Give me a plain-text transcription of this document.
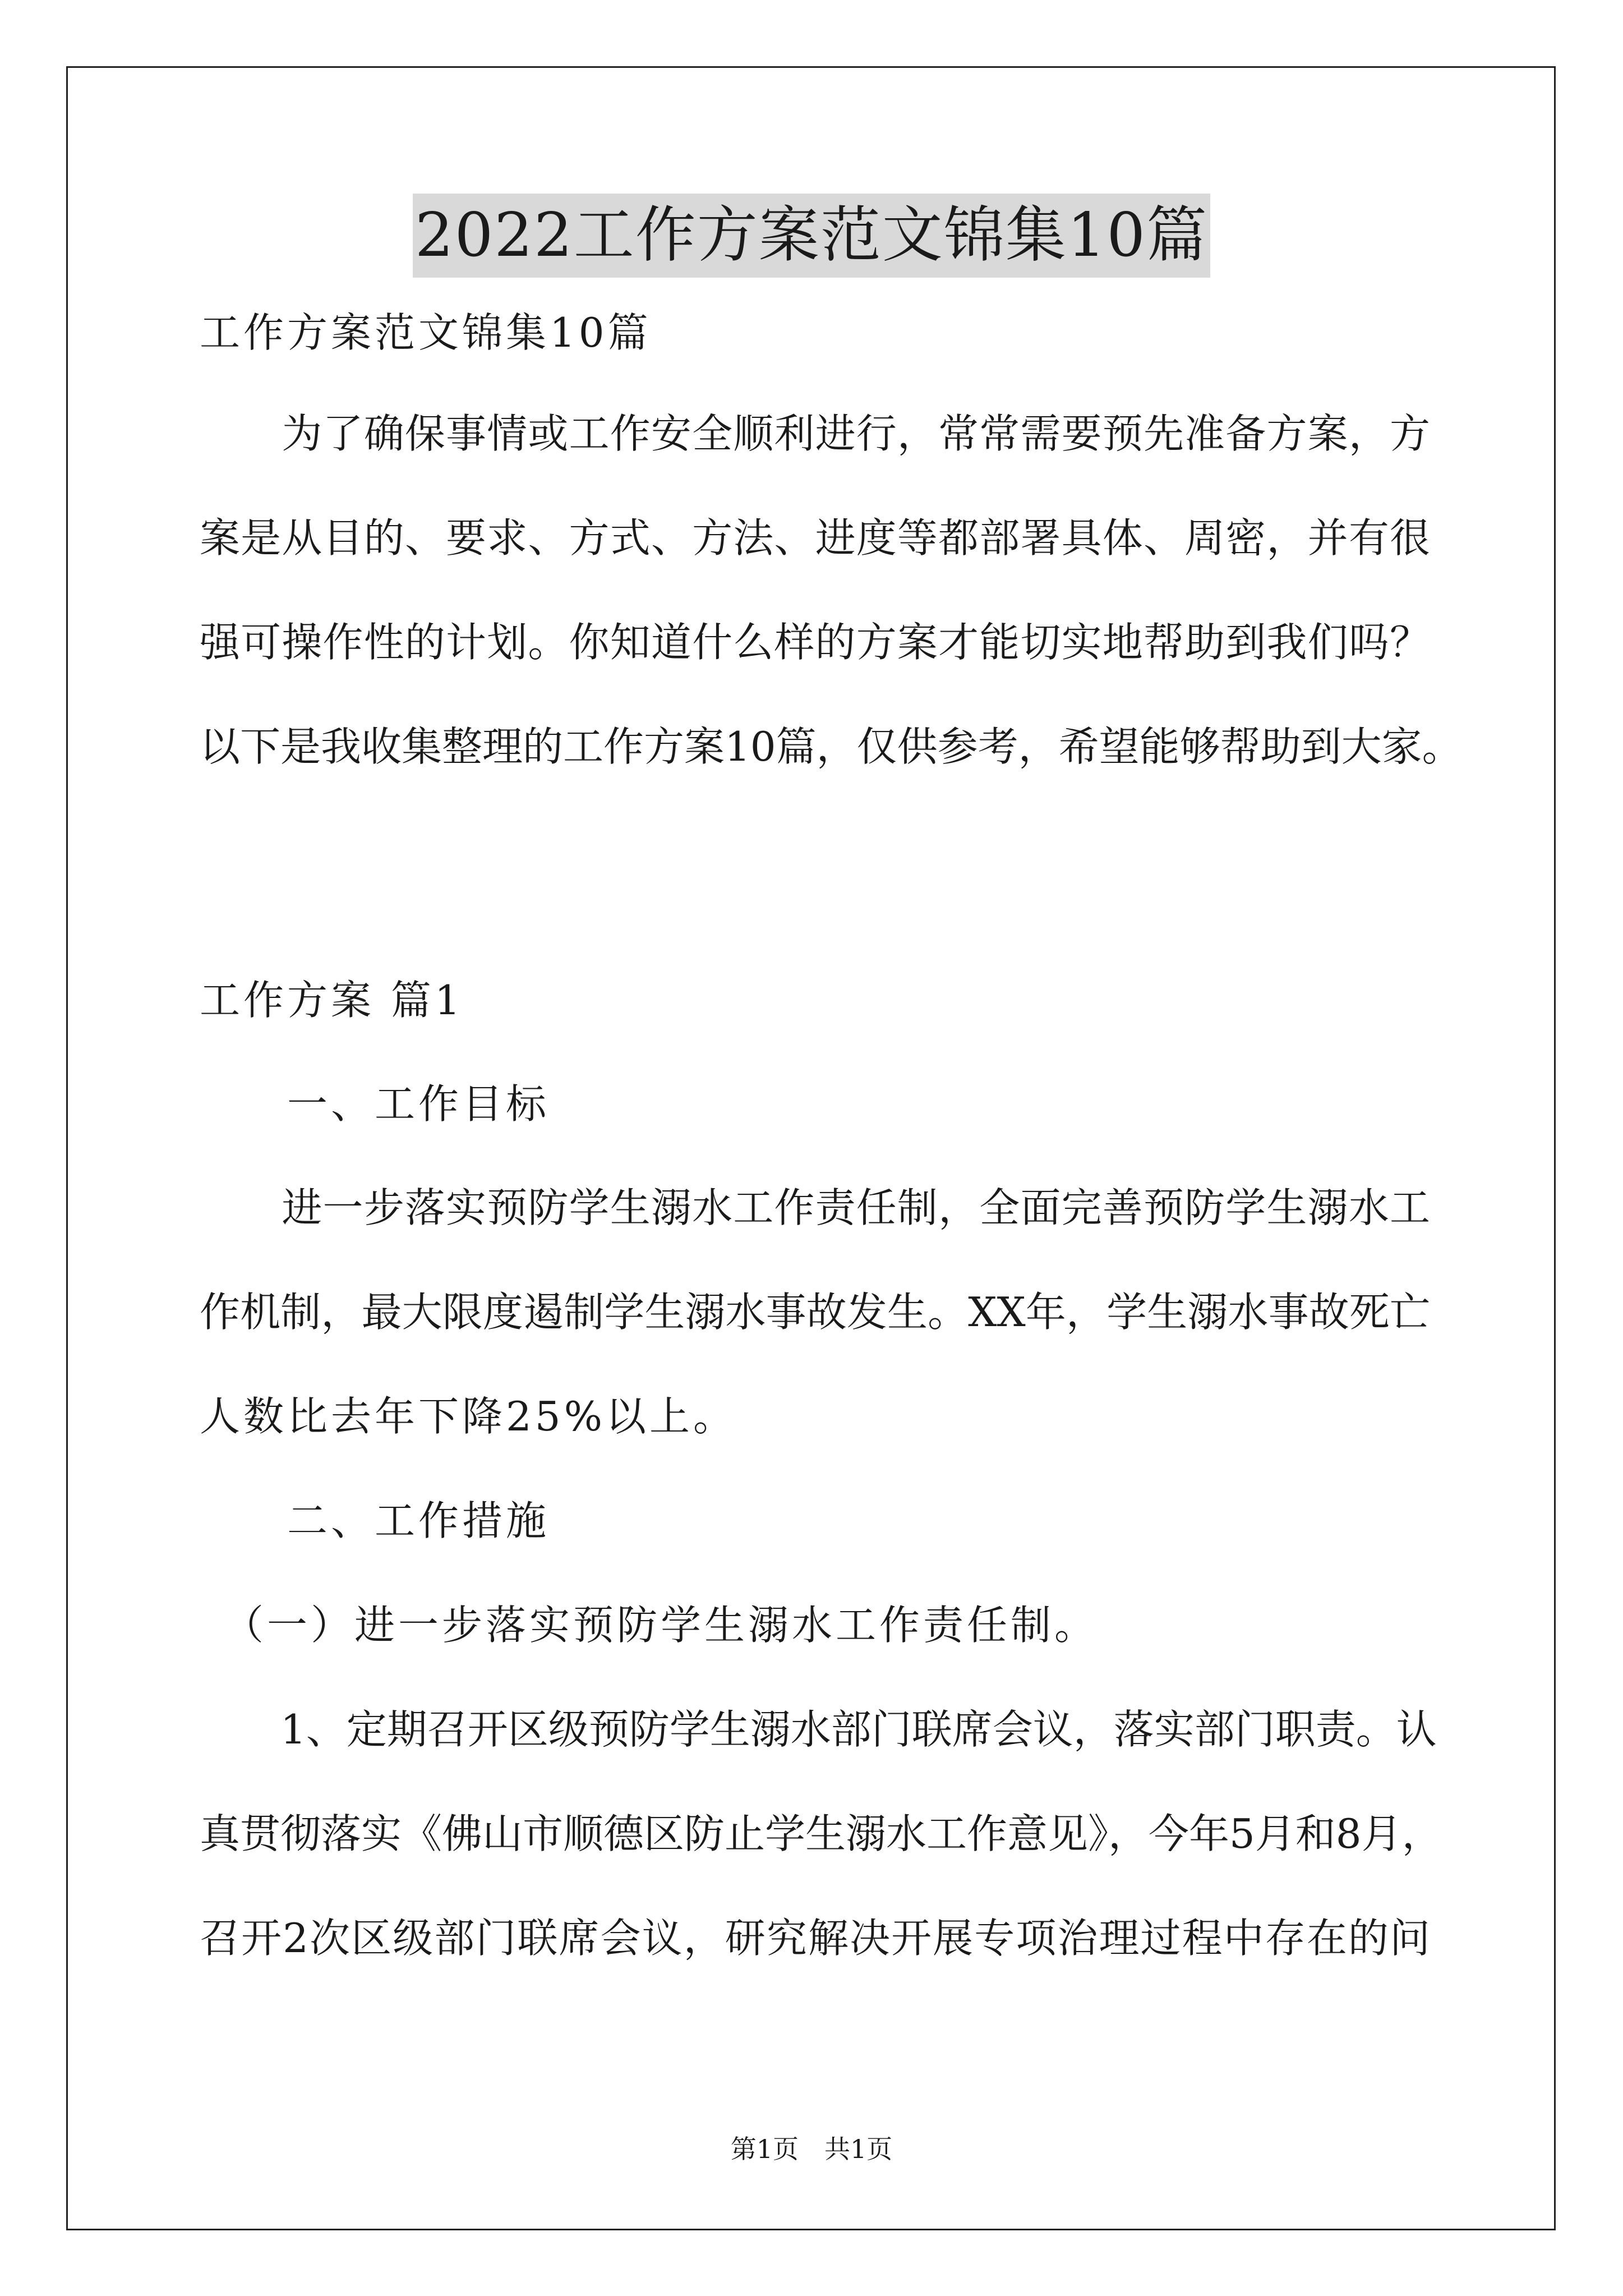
2022工作方案范文锦集10篇
工作方案范文锦集10篇
　　为了确保事情或工作安全顺利进行，常常需要预先准备方案，方
案是从目的、要求、方式、方法、进度等都部署具体、周密，并有很
强可操作性的计划。你知道什么样的方案才能切实地帮助到我们吗？
以下是我收集整理的工作方案10篇，仅供参考，希望能够帮助到大家。
工作方案 篇1
　　一、工作目标
　　进一步落实预防学生溺水工作责任制，全面完善预防学生溺水工
作机制，最大限度遏制学生溺水事故发生。XX年，学生溺水事故死亡
人数比去年下降25%以上。
　　二、工作措施
　（一）进一步落实预防学生溺水工作责任制。
　　1、定期召开区级预防学生溺水部门联席会议，落实部门职责。认
真贯彻落实《佛山市顺德区防止学生溺水工作意见》，今年5月和8月，
召开2次区级部门联席会议，研究解决开展专项治理过程中存在的问
第1页　共1页
